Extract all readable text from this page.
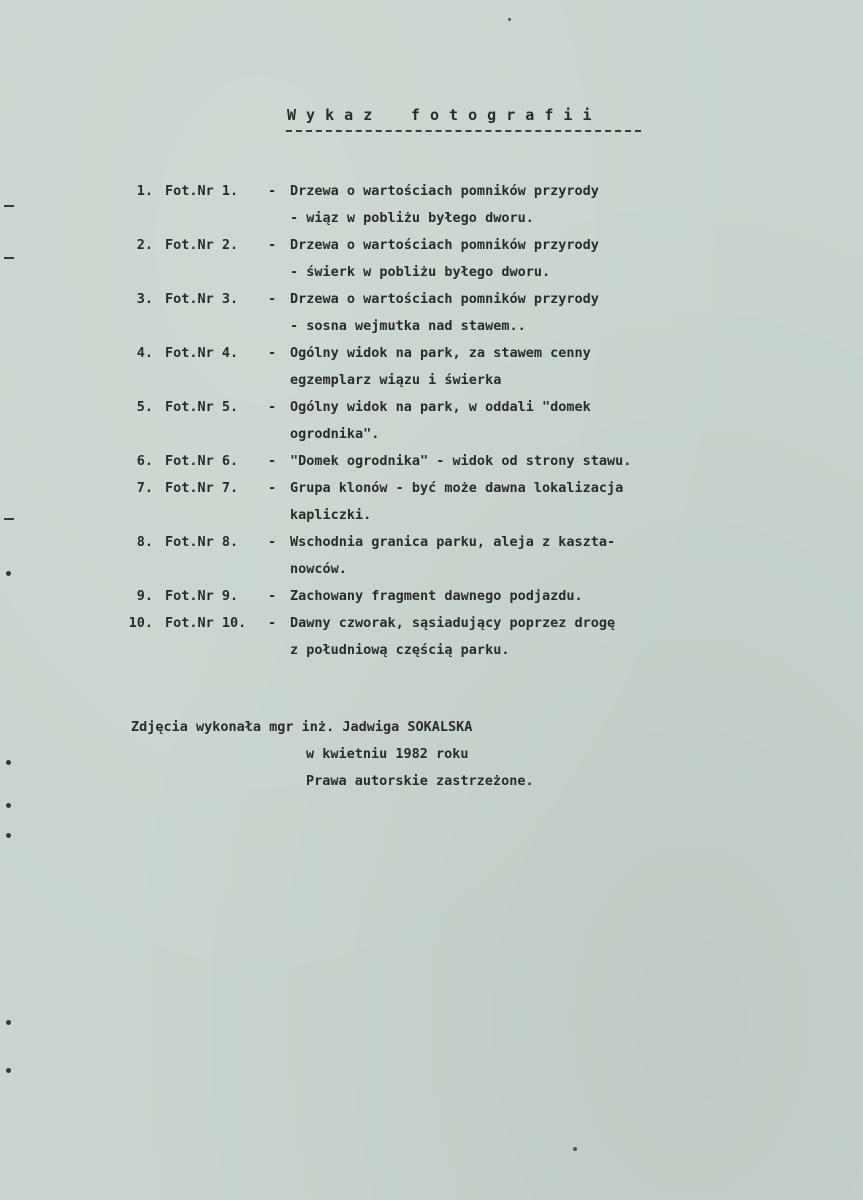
W y k a z    f o t o g r a f i i

1.

Fot.Nr 1.

-

Drzewa o wartościach pomników przyrody

- wiąz w pobliżu byłego dworu.

2.

Fot.Nr 2.

-

Drzewa o wartościach pomników przyrody

- świerk w pobliżu byłego dworu.

3.

Fot.Nr 3.

-

Drzewa o wartościach pomników przyrody

- sosna wejmutka nad stawem..

4.

Fot.Nr 4.

-

Ogólny widok na park, za stawem cenny

egzemplarz wiązu i świerka

5.

Fot.Nr 5.

-

Ogólny widok na park, w oddali "domek

ogrodnika".

6.

Fot.Nr 6.

-

"Domek ogrodnika" - widok od strony stawu.

7.

Fot.Nr 7.

-

Grupa klonów - być może dawna lokalizacja

kapliczki.

8.

Fot.Nr 8.

-

Wschodnia granica parku, aleja z kaszta-

nowców.

9.

Fot.Nr 9.

-

Zachowany fragment dawnego podjazdu.

10.

Fot.Nr 10.

-

Dawny czworak, sąsiadujący poprzez drogę

z południową częścią parku.

Zdjęcia wykonała mgr inż. Jadwiga SOKALSKA
w kwietniu 1982 roku
Prawa autorskie zastrzeżone.
